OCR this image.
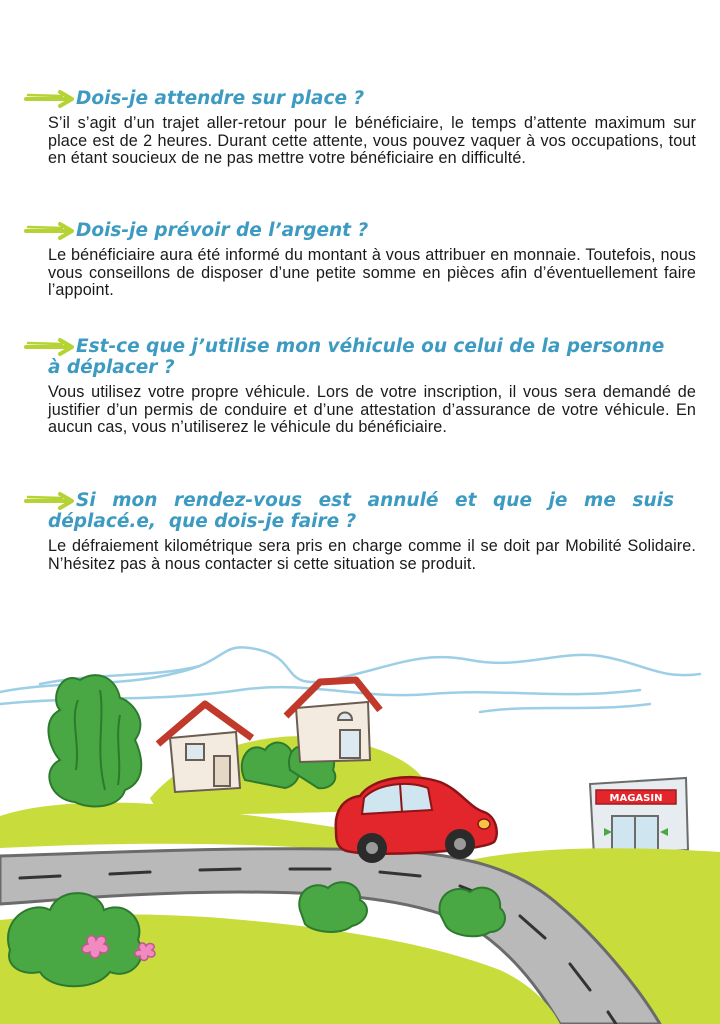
Dois-je attendre sur place ?
S’il s’agit d’un trajet aller-retour pour le bénéficiaire, le temps d’attente maximum sur place est de 2 heures. Durant cette attente, vous pouvez vaquer à vos occupations, tout en étant soucieux de ne pas mettre votre bénéficiaire en difficulté.
Dois-je prévoir de l’argent ?
Le bénéficiaire aura été informé du montant à vous attribuer en monnaie. Toutefois, nous vous conseillons de disposer d’une petite somme en pièces afin d’éventuellement faire l’appoint.
Est-ce que j’utilise mon véhicule ou celui de la personne
à déplacer ?
Vous utilisez votre propre véhicule. Lors de votre inscription, il vous sera demandé de justifier d’un permis de conduire et d’une attestation d’assurance de votre véhicule. En aucun cas, vous n’utiliserez le véhicule du bénéficiaire.
Si mon rendez-vous est annulé et que je me suis
déplacé.e,  que dois-je faire ?
Le défraiement kilométrique sera pris en charge comme il se doit par Mobilité Solidaire. N’hésitez pas à nous contacter si cette situation se produit.
MAGASIN
